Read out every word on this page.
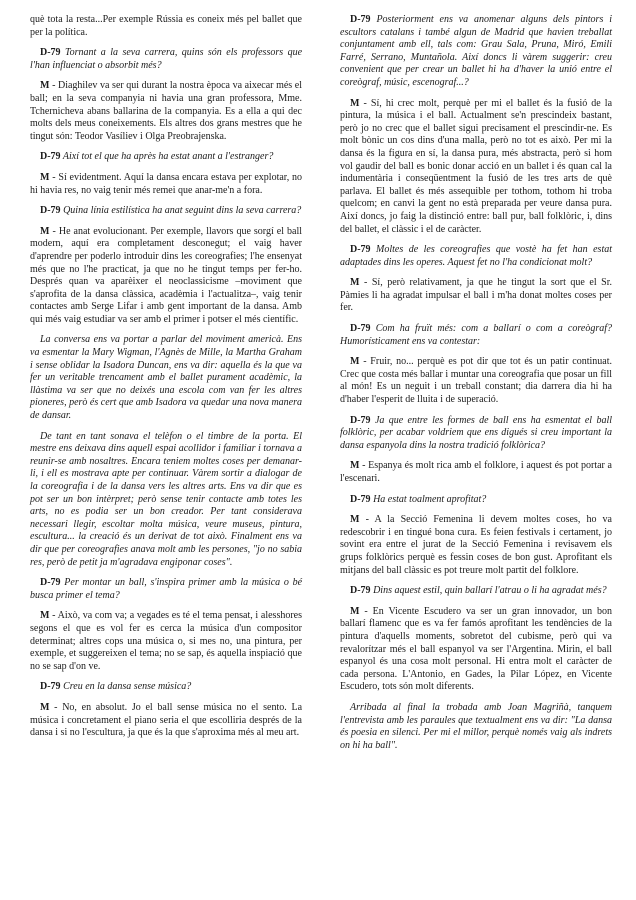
què tota la resta...Per exemple Rússia es coneix més pel ballet que per la política.

D-79 Tornant a la seva carrera, quins són els professors que l'han influenciat o absorbit més?

M - Diaghilev va ser qui durant la nostra època va aixecar més el ball; en la seva companyia ni havia una gran professora, Mme. Tchernicheva abans ballarina de la companyia. Es a ella a qui dec molts dels meus coneixements. Els altres dos grans mestres que he tingut són: Teodor Vasíliev i Olga Preobrajenska.

D-79 Així tot el que ha après ha estat anant a l'estranger?

M - Sí evidentment. Aquí la dansa encara estava per explotar, no hi havia res, no vaig tenir més remei que anar-me'n a fora.

D-79 Quina línia estilística ha anat seguint dins la seva carrera?

M - He anat evolucionant. Per exemple, llavors que sorgí el ball modern, aquí era completament desconegut; el vaig haver d'aprendre per poderlo introduir dins les coreografies; l'he ensenyat més que no l'he practicat, ja que no he tingut temps per fer-ho. Després quan va aparèixer el neoclassicisme –moviment que s'aprofita de la dansa clàssica, acadèmia i l'actualitza–, vaig tenir contactes amb Serge Lifar i amb gent important de la dansa. Amb qui més vaig estudiar va ser amb el primer i potser el més científic.

La conversa ens va portar a parlar del moviment americà. Ens va esmentar la Mary Wigman, l'Agnès de Mille, la Martha Graham i sense oblidar la Isadora Duncan, ens va dir: aquella és la que va fer un veritable trencament amb el ballet purament acadèmic, la llàstima va ser que no deixés una escola com van fer les altres pioneres, però és cert que amb Isadora va quedar una nova manera de dansar.

De tant en tant sonava el telèfon o el timbre de la porta. El mestre ens deixava dins aquell espai acollidor i familiar i tornava a reunir-se amb nosaltres. Encara teniem moltes coses per demanar-li, i ell es mostrava apte per continuar. Vàrem sortir a dialogar de la coreografia i de la dansa vers les altres arts. Ens va dir que es pot ser un bon intèrpret; però sense tenir contacte amb totes les arts, no es podia ser un bon creador. Per tant considerava necessari llegir, escoltar molta música, veure museus, pintura, escultura... la creació és un derivat de tot això. Finalment ens va dir que per coreografies anava molt amb les persones, "jo no sabia res, però de petit ja m'agradava engiponar coses".

D-79 Per montar un ball, s'inspira primer amb la música o bé busca primer el tema?

M - Això, va com va; a vegades es té el tema pensat, i alesshores segons el que es vol fer es cerca la música d'un compositor determinat; altres cops una música o, si mes no, una pintura, per exemple, et suggereixen el tema; no se sap, és aquella inspiació que no se sap d'on ve.

D-79 Creu en la dansa sense música?

M - No, en absolut. Jo el ball sense música no el sento. La música i concretament el piano seria el que escolliria després de la dansa i si no l'escultura, ja que és la que s'aproxima més al meu art.

D-79 Posteriorment ens va anomenar alguns dels pintors i escultors catalans i també algun de Madrid que havien treballat conjuntament amb ell, tals com: Grau Sala, Pruna, Miró, Emili Farré, Serrano, Muntañola. Així doncs li vàrem suggerir: creu convenient que per crear un ballet hi ha d'haver la unió entre el coreògraf, músic, escenograf...?

M - Sí, hi crec molt, perquè per mi el ballet és la fusió de la pintura, la música i el ball. Actualment se'n prescindeix bastant, però jo no crec que el ballet sigui precisament el prescindir-ne. Es molt bònic un cos dins d'una malla, però no tot es això. Per mi la dansa és la figura en sí, la dansa pura, més abstracta, però si hom vol gaudir del ball es bonic donar acció en un ballet i és quan cal la indumentària i conseqüentment la fusió de les tres arts de què parlava. El ballet és més assequible per tothom, tothom hi troba quelcom; en canvi la gent no està preparada per veure dansa pura. Així doncs, jo faig la distinció entre: ball pur, ball folklòric, i, dins del ballet, el clàssic i el de caràcter.

D-79 Moltes de les coreografies que vostè ha fet han estat adaptades dins les operes. Aquest fet no l'ha condicionat molt?

M - Sí, però relativament, ja que he tingut la sort que el Sr. Pàmies li ha agradat impulsar el ball i m'ha donat moltes coses per fer.

D-79 Com ha fruït més: com a ballarí o com a coreògraf? Humorísticament ens va contestar:

M - Fruir, no... perquè es pot dir que tot és un patir continuat. Crec que costa més ballar i muntar una coreografia que posar un fill al món! Es un neguit i un treball constant; dia darrera dia hi ha d'haber l'esperit de lluita i de superació.

D-79 Ja que entre les formes de ball ens ha esmentat el ball folklòric, per acabar voldriem que ens digués si creu important la dansa espanyola dins la nostra tradició folklòrica?

M - Espanya és molt rica amb el folklore, i aquest és pot portar a l'escenari.

D-79 Ha estat toalment aprofitat?

M - A la Secció Femenina li devem moltes coses, ho va redescobrir i en tingué bona cura. Es feien festivals i certament, jo sovint era entre el jurat de la Secció Femenina i revisavem els grups folklòrics perquè es fessin coses de bon gust. Aprofitant els mitjans del ball clàssic es pot treure molt partit del folklore.

D-79 Dins aquest estil, quin ballarí l'atrau o li ha agradat més?

M - En Vicente Escudero va ser un gran innovador, un bon ballarí flamenc que es va fer famós aprofitant les tendències de la pintura d'aquells moments, sobretot del cubisme, però qui va revalorítzar més el ball espanyol va ser l'Argentina. Mirin, el ball espanyol és una cosa molt personal. Hi entra molt el caràcter de cada persona. L'Antonio, en Gades, la Pilar López, en Vicente Escudero, tots són molt diferents.

Arribada al final la trobada amb Joan Magriñà, tanquem l'entrevista amb les paraules que textualment ens va dir: "La dansa és poesia en silenci. Per mi el millor, perquè només vaig als indrets on hi ha ball".
